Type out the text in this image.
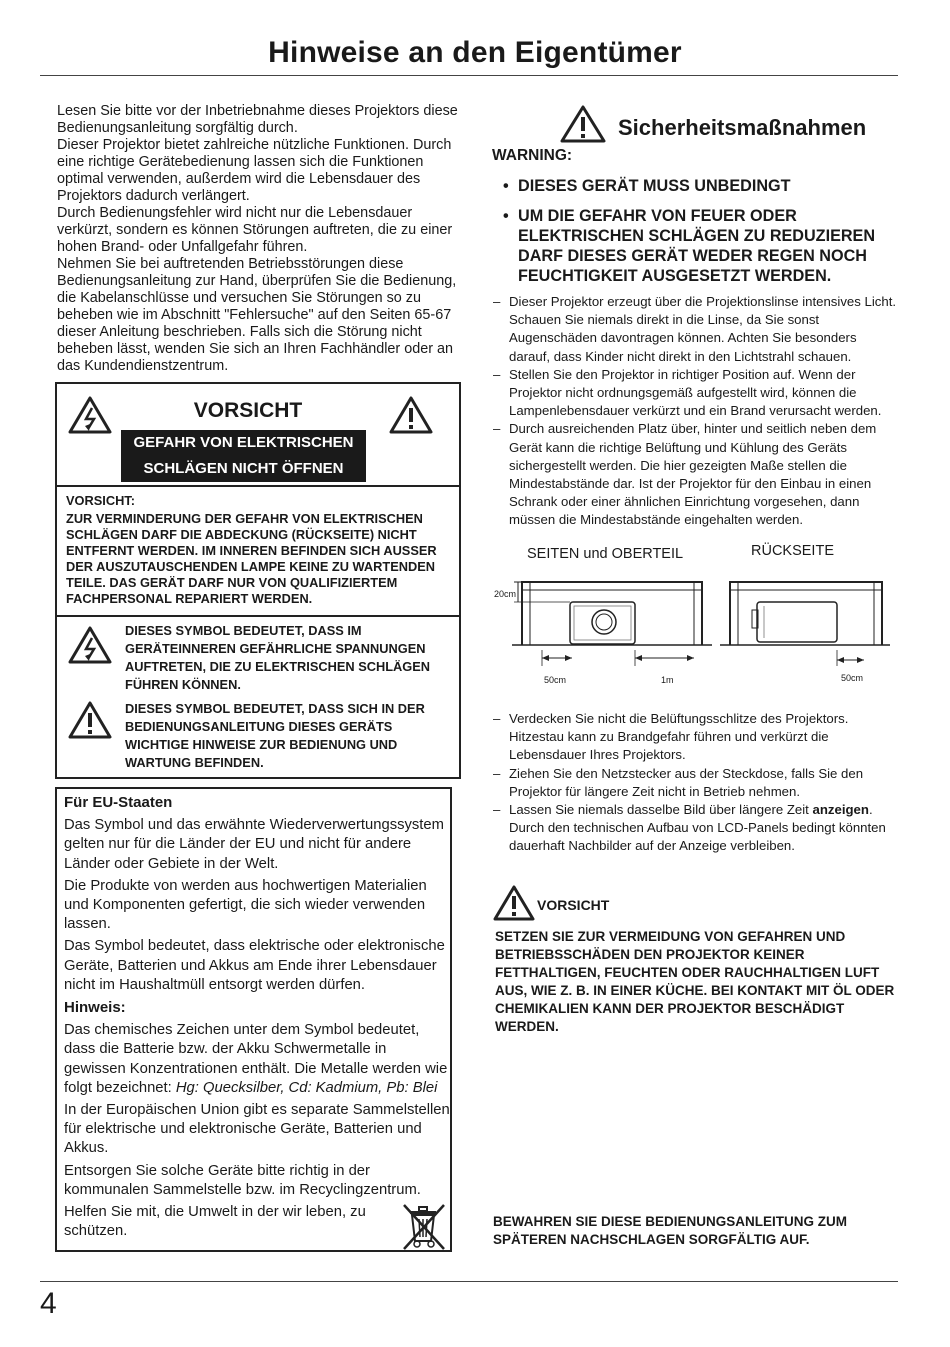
Hinweise an den Eigentümer

Lesen Sie bitte vor der Inbetriebnahme dieses Projektors diese Bedienungsanleitung sorgfältig durch.

Dieser Projektor bietet zahlreiche nützliche Funktionen. Durch eine richtige Gerätebedienung lassen sich die Funktionen optimal verwenden, außerdem wird die Lebensdauer des Projektors dadurch verlängert.

Durch Bedienungsfehler wird nicht nur die Lebensdauer verkürzt, sondern es können Störungen auftreten, die zu einer hohen Brand- oder Unfallgefahr führen.

Nehmen Sie bei auftretenden Betriebsstörungen diese Bedienungsanleitung zur Hand, überprüfen Sie die Bedienung, die Kabelanschlüsse und versuchen Sie Störungen so zu beheben wie im Abschnitt "Fehlersuche" auf den Seiten 65-67 dieser Anleitung beschrieben. Falls sich die Störung nicht beheben lässt, wenden Sie sich an Ihren Fachhändler oder an das Kundendienstzentrum.

VORSICHT
GEFAHR VON ELEKTRISCHEN
SCHLÄGEN NICHT ÖFFNEN
VORSICHT:
ZUR VERMINDERUNG DER GEFAHR VON ELEKTRISCHEN SCHLÄGEN DARF DIE ABDECKUNG (RÜCKSEITE) NICHT ENTFERNT WERDEN. IM INNEREN BEFINDEN SICH AUSSER DER AUSZUTAUSCHENDEN LAMPE KEINE ZU WARTENDEN TEILE. DAS GERÄT DARF NUR VON QUALIFIZIERTEM FACHPERSONAL REPARIERT WERDEN.
DIESES SYMBOL BEDEUTET, DASS IM GERÄTEINNEREN GEFÄHRLICHE SPANNUNGEN AUFTRETEN, DIE ZU ELEKTRISCHEN SCHLÄGEN FÜHREN KÖNNEN.
DIESES SYMBOL BEDEUTET, DASS SICH IN DER BEDIENUNGSANLEITUNG DIESES GERÄTS WICHTIGE HINWEISE ZUR BEDIENUNG UND WARTUNG BEFINDEN.
Für EU-Staaten

Das Symbol und das erwähnte Wiederverwertungssystem gelten nur für die Länder der EU und nicht für andere Länder oder Gebiete in der Welt.

Die Produkte von werden aus hochwertigen Materialien und Komponenten gefertigt, die sich wieder verwenden lassen.

Das Symbol bedeutet, dass elektrische oder elektronische Geräte, Batterien und Akkus am Ende ihrer Lebensdauer nicht im Haushaltmüll entsorgt werden dürfen.

Hinweis:

Das chemisches Zeichen unter dem Symbol bedeutet, dass die Batterie bzw. der Akku Schwermetalle in gewissen Konzentrationen enthält. Die Metalle werden wie folgt bezeichnet: Hg: Quecksilber, Cd: Kadmium, Pb: Blei

In der Europäischen Union gibt es separate Sammelstellen für elektrische und elektronische Geräte, Batterien und Akkus.

Entsorgen Sie solche Geräte bitte richtig in der kommunalen Sammelstelle bzw. im Recyclingzentrum.

Helfen Sie mit, die Umwelt in der wir leben, zu schützen.

Sicherheitsmaßnahmen
WARNING:
• DIESES GERÄT MUSS UNBEDINGT
• UM DIE GEFAHR VON FEUER ODER ELEKTRISCHEN SCHLÄGEN ZU REDUZIEREN DARF DIESES GERÄT WEDER REGEN NOCH FEUCHTIGKEIT AUSGESETZT WERDEN.
– Dieser Projektor erzeugt über die Projektionslinse intensives Licht. Schauen Sie niemals direkt in die Linse, da Sie sonst Augenschäden davontragen können. Achten Sie besonders darauf, dass Kinder nicht direkt in den Lichtstrahl schauen.
– Stellen Sie den Projektor in richtiger Position auf. Wenn der Projektor nicht ordnungsgemäß aufgestellt wird, können die Lampenlebensdauer verkürzt und ein Brand verursacht werden.
– Durch ausreichenden Platz über, hinter und seitlich neben dem Gerät kann die richtige Belüftung und Kühlung des Geräts sichergestellt werden. Die hier gezeigten Maße stellen die Mindestabstände dar. Ist der Projektor für den Einbau in einen Schrank oder einer ähnlichen Einrichtung vorgesehen, dann müssen die Mindestabstände eingehalten werden.
SEITEN und OBERTEIL	RÜCKSEITE
20cm
50cm	1m	50cm
– Verdecken Sie nicht die Belüftungsschlitze des Projektors. Hitzestau kann zu Brandgefahr führen und verkürzt die Lebensdauer Ihres Projektors.
– Ziehen Sie den Netzstecker aus der Steckdose, falls Sie den Projektor für längere Zeit nicht in Betrieb nehmen.
– Lassen Sie niemals dasselbe Bild über längere Zeit anzeigen. Durch den technischen Aufbau von LCD-Panels bedingt könnten dauerhaft Nachbilder auf der Anzeige verbleiben.
VORSICHT
SETZEN SIE ZUR VERMEIDUNG VON GEFAHREN UND BETRIEBSSCHÄDEN DEN PROJEKTOR KEINER FETTHALTIGEN, FEUCHTEN ODER RAUCHHALTIGEN LUFT AUS, WIE Z. B. IN EINER KÜCHE. BEI KONTAKT MIT ÖL ODER CHEMIKALIEN KANN DER PROJEKTOR BESCHÄDIGT WERDEN.
BEWAHREN SIE DIESE BEDIENUNGSANLEITUNG ZUM SPÄTEREN NACHSCHLAGEN SORGFÄLTIG AUF.
4
